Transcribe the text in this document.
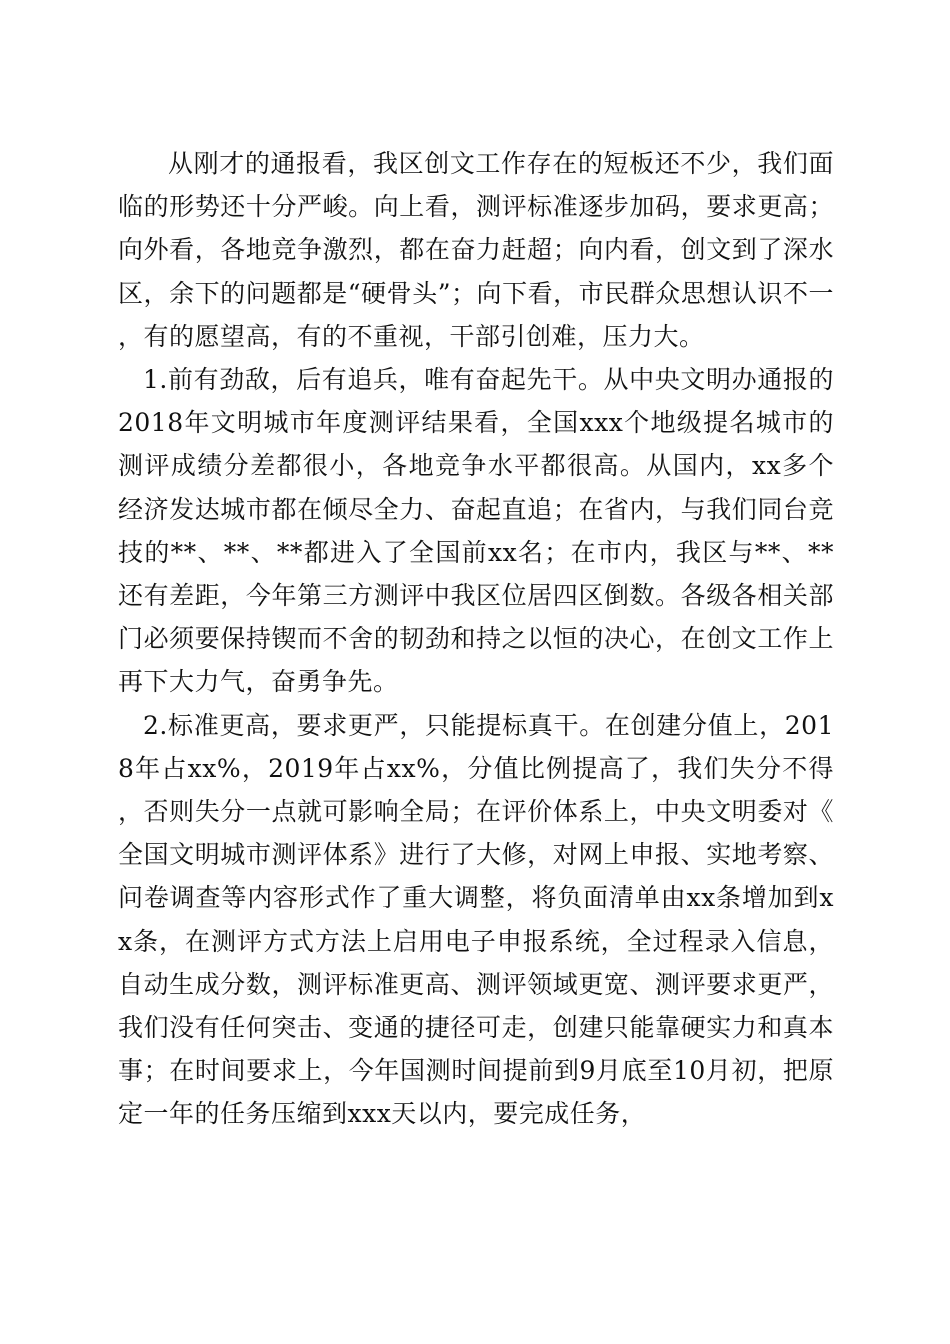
从刚才的通报看，我区创文工作存在的短板还不少，我们面临的形势还十分严峻。向上看，测评标准逐步加码，要求更高；向外看，各地竞争激烈，都在奋力赶超；向内看，创文到了深水区，余下的问题都是“硬骨头”；向下看，市民群众思想认识不一，有的愿望高，有的不重视，干部引创难，压力大。

1.前有劲敌，后有追兵，唯有奋起先干。从中央文明办通报的2018年文明城市年度测评结果看，全国xxx个地级提名城市的测评成绩分差都很小，各地竞争水平都很高。从国内，xx多个经济发达城市都在倾尽全力、奋起直追；在省内，与我们同台竞技的**、**、**都进入了全国前xx名；在市内，我区与**、**还有差距，今年第三方测评中我区位居四区倒数。各级各相关部门必须要保持锲而不舍的韧劲和持之以恒的决心，在创文工作上再下大力气，奋勇争先。

2.标准更高，要求更严，只能提标真干。在创建分值上，2018年占xx%，2019年占xx%，分值比例提高了，我们失分不得，否则失分一点就可影响全局；在评价体系上，中央文明委对《全国文明城市测评体系》进行了大修，对网上申报、实地考察、问卷调查等内容形式作了重大调整，将负面清单由xx条增加到xx条，在测评方式方法上启用电子申报系统，全过程录入信息，自动生成分数，测评标准更高、测评领域更宽、测评要求更严，我们没有任何突击、变通的捷径可走，创建只能靠硬实力和真本事；在时间要求上，今年国测时间提前到9月底至10月初，把原定一年的任务压缩到xxx天以内，要完成任务，
